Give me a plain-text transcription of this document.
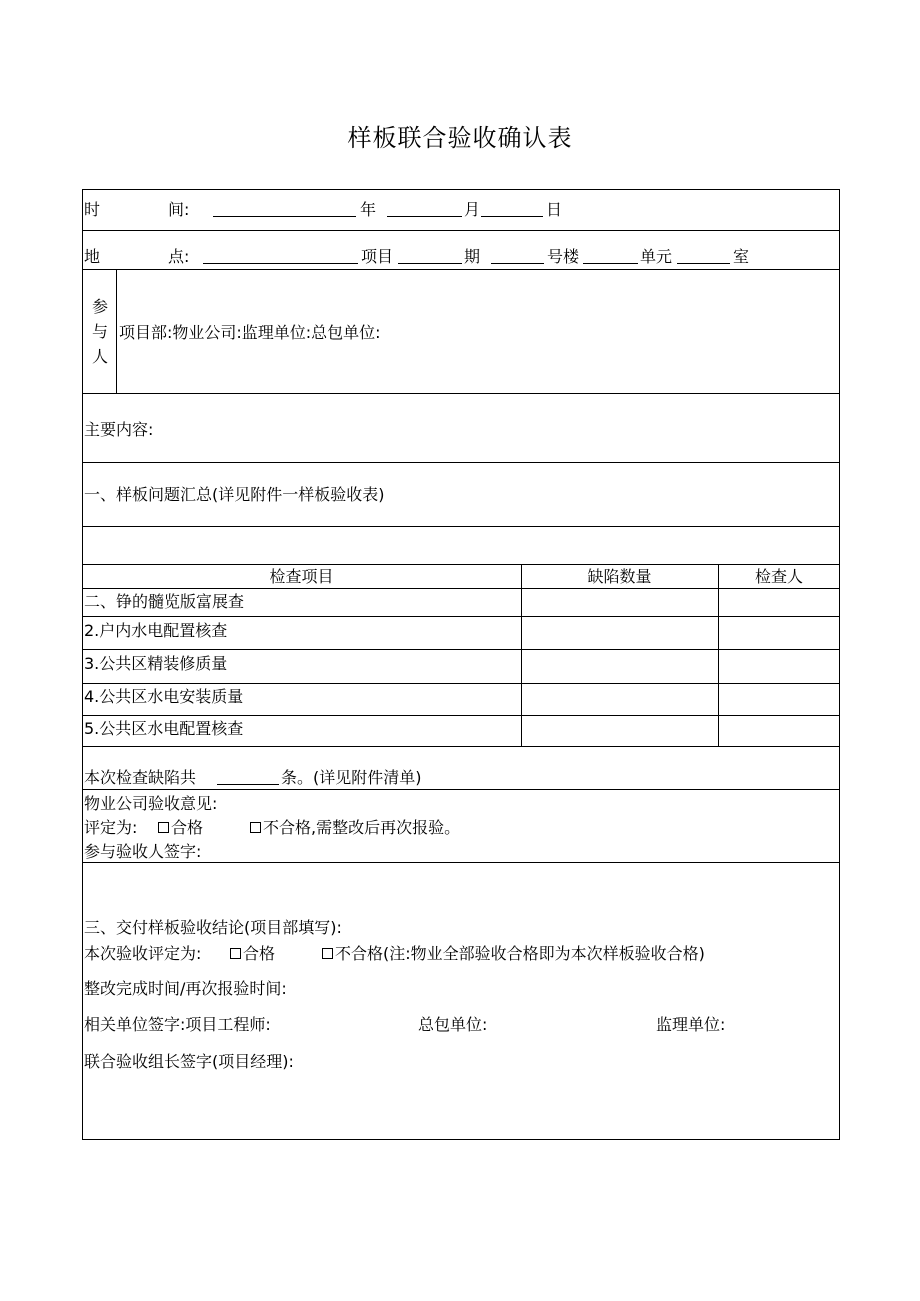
样板联合验收确认表
时	间:	年	月	日
地	点:	项目	期	号楼	单元	室
参
与
人
项目部:物业公司:监理单位:总包单位:
主要内容:
一、样板问题汇总(详见附件一样板验收表)
检查项目	缺陷数量	检查人
二、铮的髓览版富展查
2.户内水电配置核查
3.公共区精装修质量
4.公共区水电安装质量
5.公共区水电配置核查
本次检查缺陷共	条。(详见附件清单)
物业公司验收意见:
评定为:	合格	不合格,需整改后再次报验。
参与验收人签字:
三、交付样板验收结论(项目部填写):
本次验收评定为:	合格	不合格(注:物业全部验收合格即为本次样板验收合格)
整改完成时间/再次报验时间:
相关单位签字:项目工程师:	总包单位:	监理单位:
联合验收组长签字(项目经理):
